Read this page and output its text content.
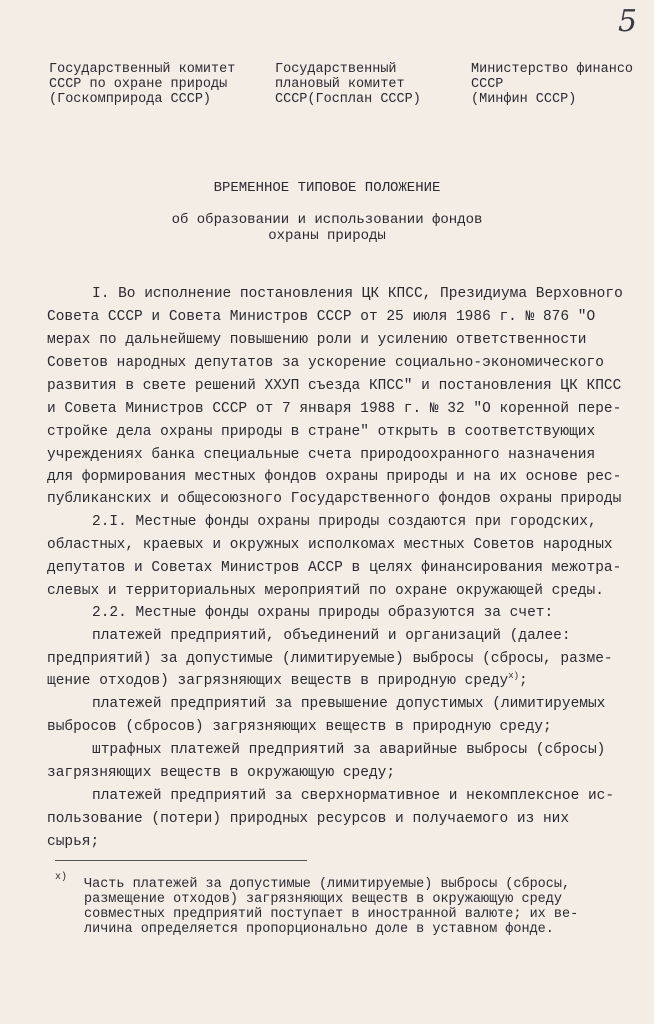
5
Государственный комитет
СССР по охране природы
(Госкомприрода СССР)
Государственный
плановый комитет
СССР(Госплан СССР)
Министерство финансо
СССР
(Минфин СССР)
ВРЕМЕННОЕ ТИПОВОЕ ПОЛОЖЕНИЕ
об образовании и использовании фондов
охраны природы
I. Во исполнение постановления ЦК КПСС, Президиума Верховного
Совета СССР и Совета Министров СССР от 25 июля 1986 г. № 876 "О
мерах по дальнейшему повышению роли и усилению ответственности
Советов народных депутатов за ускорение социально-экономического
развития в свете решений ХХУП съезда КПСС" и постановления ЦК КПСС
и Совета Министров СССР от 7 января 1988 г. № 32 "О коренной пере-
стройке дела охраны природы в стране" открыть в соответствующих
учреждениях банка специальные счета природоохранного назначения
для формирования местных фондов охраны природы и на их основе рес-
публиканских и общесоюзного Государственного фондов охраны природы
2.I. Местные фонды охраны природы создаются при городских,
областных, краевых и окружных исполкомах местных Советов народных
депутатов и Советах Министров АССР в целях финансирования межотра-
слевых и территориальных мероприятий по охране окружающей среды.
2.2. Местные фонды охраны природы образуются за счет:
платежей предприятий, объединений и организаций (далее:
предприятий) за допустимые (лимитируемые) выбросы (сбросы, разме-
щение отходов) загрязняющих веществ в природную среду$^{x)}$;
платежей предприятий за превышение допустимых (лимитируемых
выбросов (сбросов) загрязняющих веществ в природную среду;
штрафных платежей предприятий за аварийные выбросы (сбросы)
загрязняющих веществ в окружающую среду;
платежей предприятий за сверхнормативное и некомплексное ис-
пользование (потери) природных ресурсов и получаемого из них
сырья;
x) Часть платежей за допустимые (лимитируемые) выбросы (сбросы,
размещение отходов) загрязняющих веществ в окружающую среду
совместных предприятий поступает в иностранной валюте; их ве-
личина определяется пропорционально доле в уставном фонде.
